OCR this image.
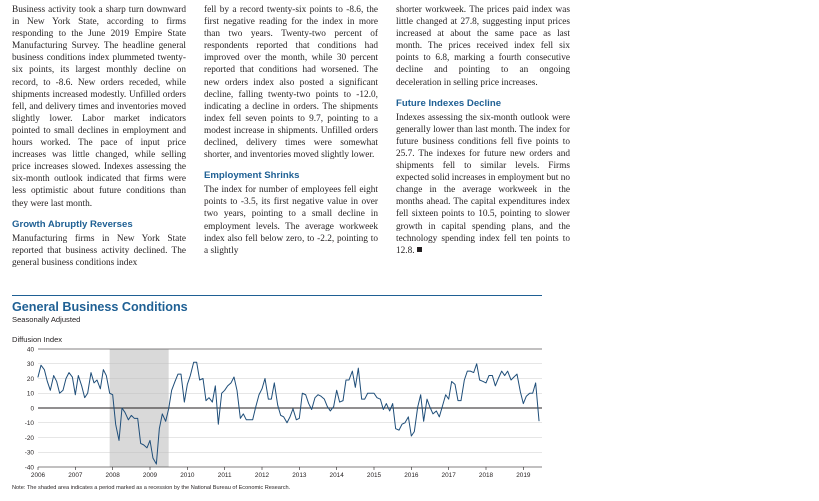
Business activity took a sharp turn downward in New York State, according to firms responding to the June 2019 Empire State Manufacturing Survey. The headline general business conditions index plummeted twenty-six points, its largest monthly decline on record, to -8.6. New orders receded, while shipments increased modestly. Unfilled orders fell, and delivery times and inventories moved slightly lower. Labor market indicators pointed to small declines in employment and hours worked. The pace of input price increases was little changed, while selling price increases slowed. Indexes assessing the six-month outlook indicated that firms were less optimistic about future conditions than they were last month.

Growth Abruptly Reverses

Manufacturing firms in New York State reported that business activity declined. The general business conditions index

fell by a record twenty-six points to -8.6, the first negative reading for the index in more than two years. Twenty-two percent of respondents reported that conditions had improved over the month, while 30 percent reported that conditions had worsened. The new orders index also posted a significant decline, falling twenty-two points to -12.0, indicating a decline in orders. The shipments index fell seven points to 9.7, pointing to a modest increase in shipments. Unfilled orders declined, delivery times were somewhat shorter, and inventories moved slightly lower.

Employment Shrinks

The index for number of employees fell eight points to -3.5, its first negative value in over two years, pointing to a small decline in employment levels. The average workweek index also fell below zero, to -2.2, pointing to a slightly

shorter workweek. The prices paid index was little changed at 27.8, suggesting input prices increased at about the same pace as last month. The prices received index fell six points to 6.8, marking a fourth consecutive decline and pointing to an ongoing deceleration in selling price increases.

Future Indexes Decline

Indexes assessing the six-month outlook were generally lower than last month. The index for future business conditions fell five points to 25.7. The indexes for future new orders and shipments fell to similar levels. Firms expected solid increases in employment but no change in the average workweek in the months ahead. The capital expenditures index fell sixteen points to 10.5, pointing to slower growth in capital spending plans, and the technology spending index fell ten points to 12.8.

General Business Conditions
Seasonally Adjusted
Diffusion Index
40
30
20
10
0
-10
-20
-30
-40
2006	2007	2008	2009	2010	2011	2012	2013	2014	2015	2016	2017	2018	2019
Note: The shaded area indicates a period marked as a recession by the National Bureau of Economic Research.
